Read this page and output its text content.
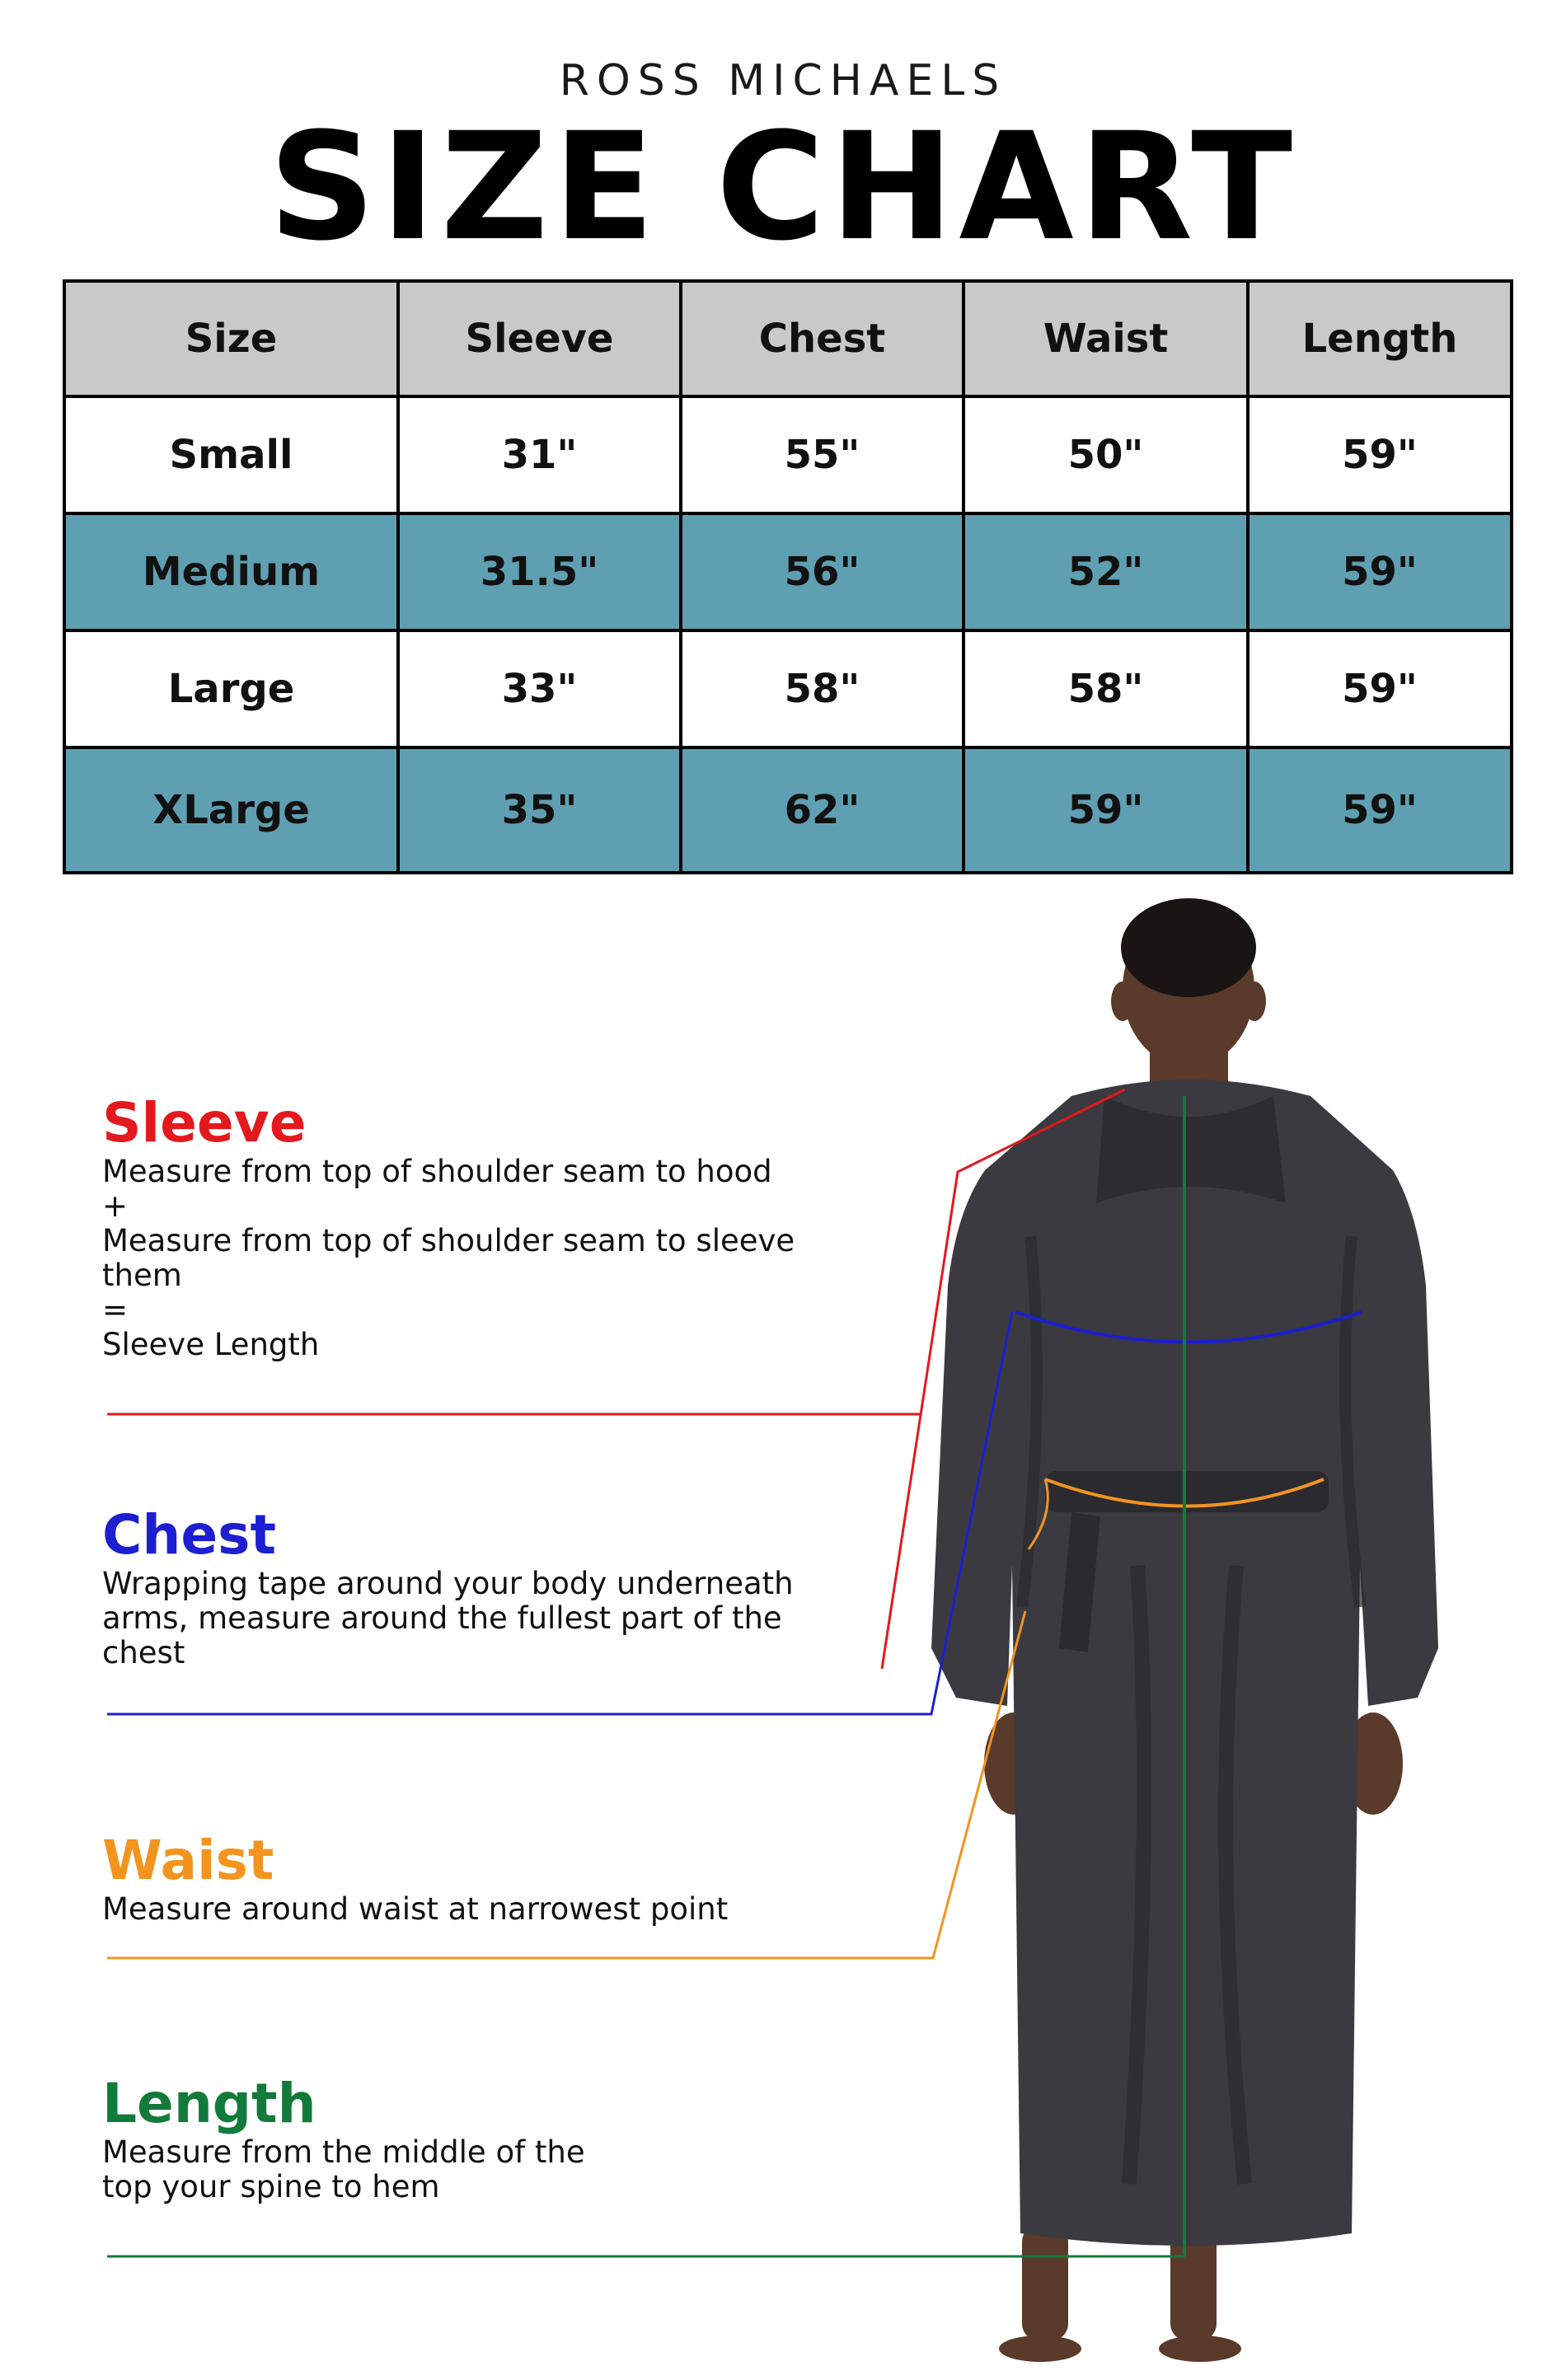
ROSS MICHAELS
SIZE CHART
Size	Sleeve	Chest	Waist	Length
Small	31"	55"	50"	59"
Medium	31.5"	56"	52"	59"
Large	33"	58"	58"	59"
XLarge	35"	62"	59"	59"
Sleeve

Measure from top of shoulder seam to hood
+
Measure from top of shoulder seam to sleeve
them
=
Sleeve Length

Chest

Wrapping tape around your body underneath
arms, measure around the fullest part of the
chest

Waist

Measure around waist at narrowest point

Length

Measure from the middle of the
top your spine to hem
